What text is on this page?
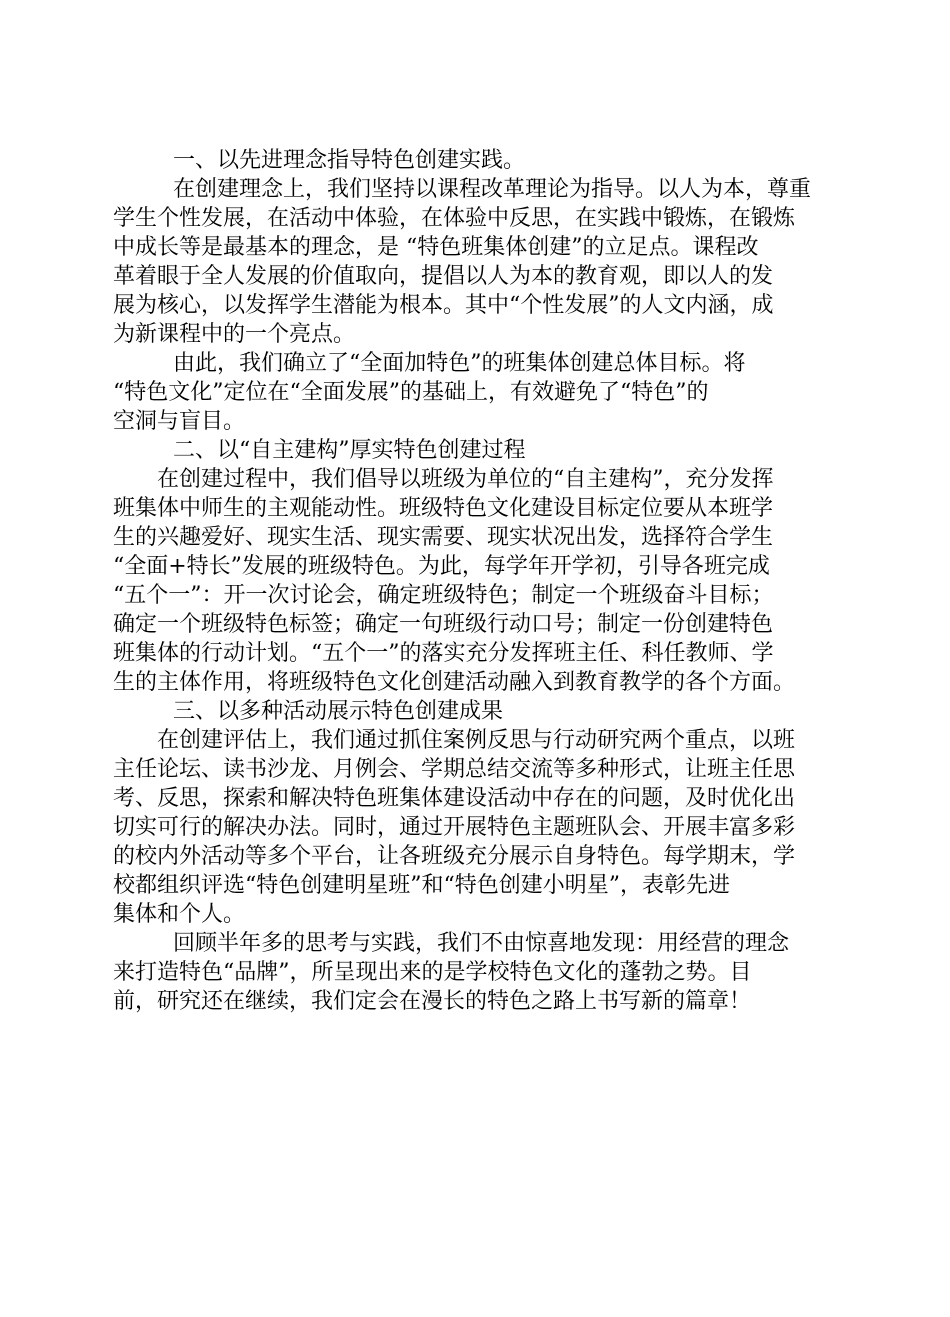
一、以先进理念指导特色创建实践。
在创建理念上，我们坚持以课程改革理论为指导。以人为本，尊重
学生个性发展，在活动中体验，在体验中反思，在实践中锻炼，在锻炼
中成长等是最基本的理念，是 “特色班集体创建”的立足点。课程改
革着眼于全人发展的价值取向，提倡以人为本的教育观，即以人的发
展为核心，以发挥学生潜能为根本。其中“个性发展”的人文内涵，成
为新课程中的一个亮点。
由此，我们确立了“全面加特色”的班集体创建总体目标。将
“特色文化”定位在“全面发展”的基础上，有效避免了“特色”的
空洞与盲目。
二、以“自主建构”厚实特色创建过程
在创建过程中，我们倡导以班级为单位的“自主建构”，充分发挥
班集体中师生的主观能动性。班级特色文化建设目标定位要从本班学
生的兴趣爱好、现实生活、现实需要、现实状况出发，选择符合学生
“全面+特长”发展的班级特色。为此，每学年开学初，引导各班完成
“五个一”：开一次讨论会，确定班级特色；制定一个班级奋斗目标；
确定一个班级特色标签；确定一句班级行动口号；制定一份创建特色
班集体的行动计划。“五个一”的落实充分发挥班主任、科任教师、学
生的主体作用，将班级特色文化创建活动融入到教育教学的各个方面。
三、以多种活动展示特色创建成果
在创建评估上，我们通过抓住案例反思与行动研究两个重点，以班
主任论坛、读书沙龙、月例会、学期总结交流等多种形式，让班主任思
考、反思，探索和解决特色班集体建设活动中存在的问题，及时优化出
切实可行的解决办法。同时，通过开展特色主题班队会、开展丰富多彩
的校内外活动等多个平台，让各班级充分展示自身特色。每学期末，学
校都组织评选“特色创建明星班”和“特色创建小明星”，表彰先进
集体和个人。
回顾半年多的思考与实践，我们不由惊喜地发现：用经营的理念
来打造特色“品牌”，所呈现出来的是学校特色文化的蓬勃之势。目
前，研究还在继续，我们定会在漫长的特色之路上书写新的篇章！
